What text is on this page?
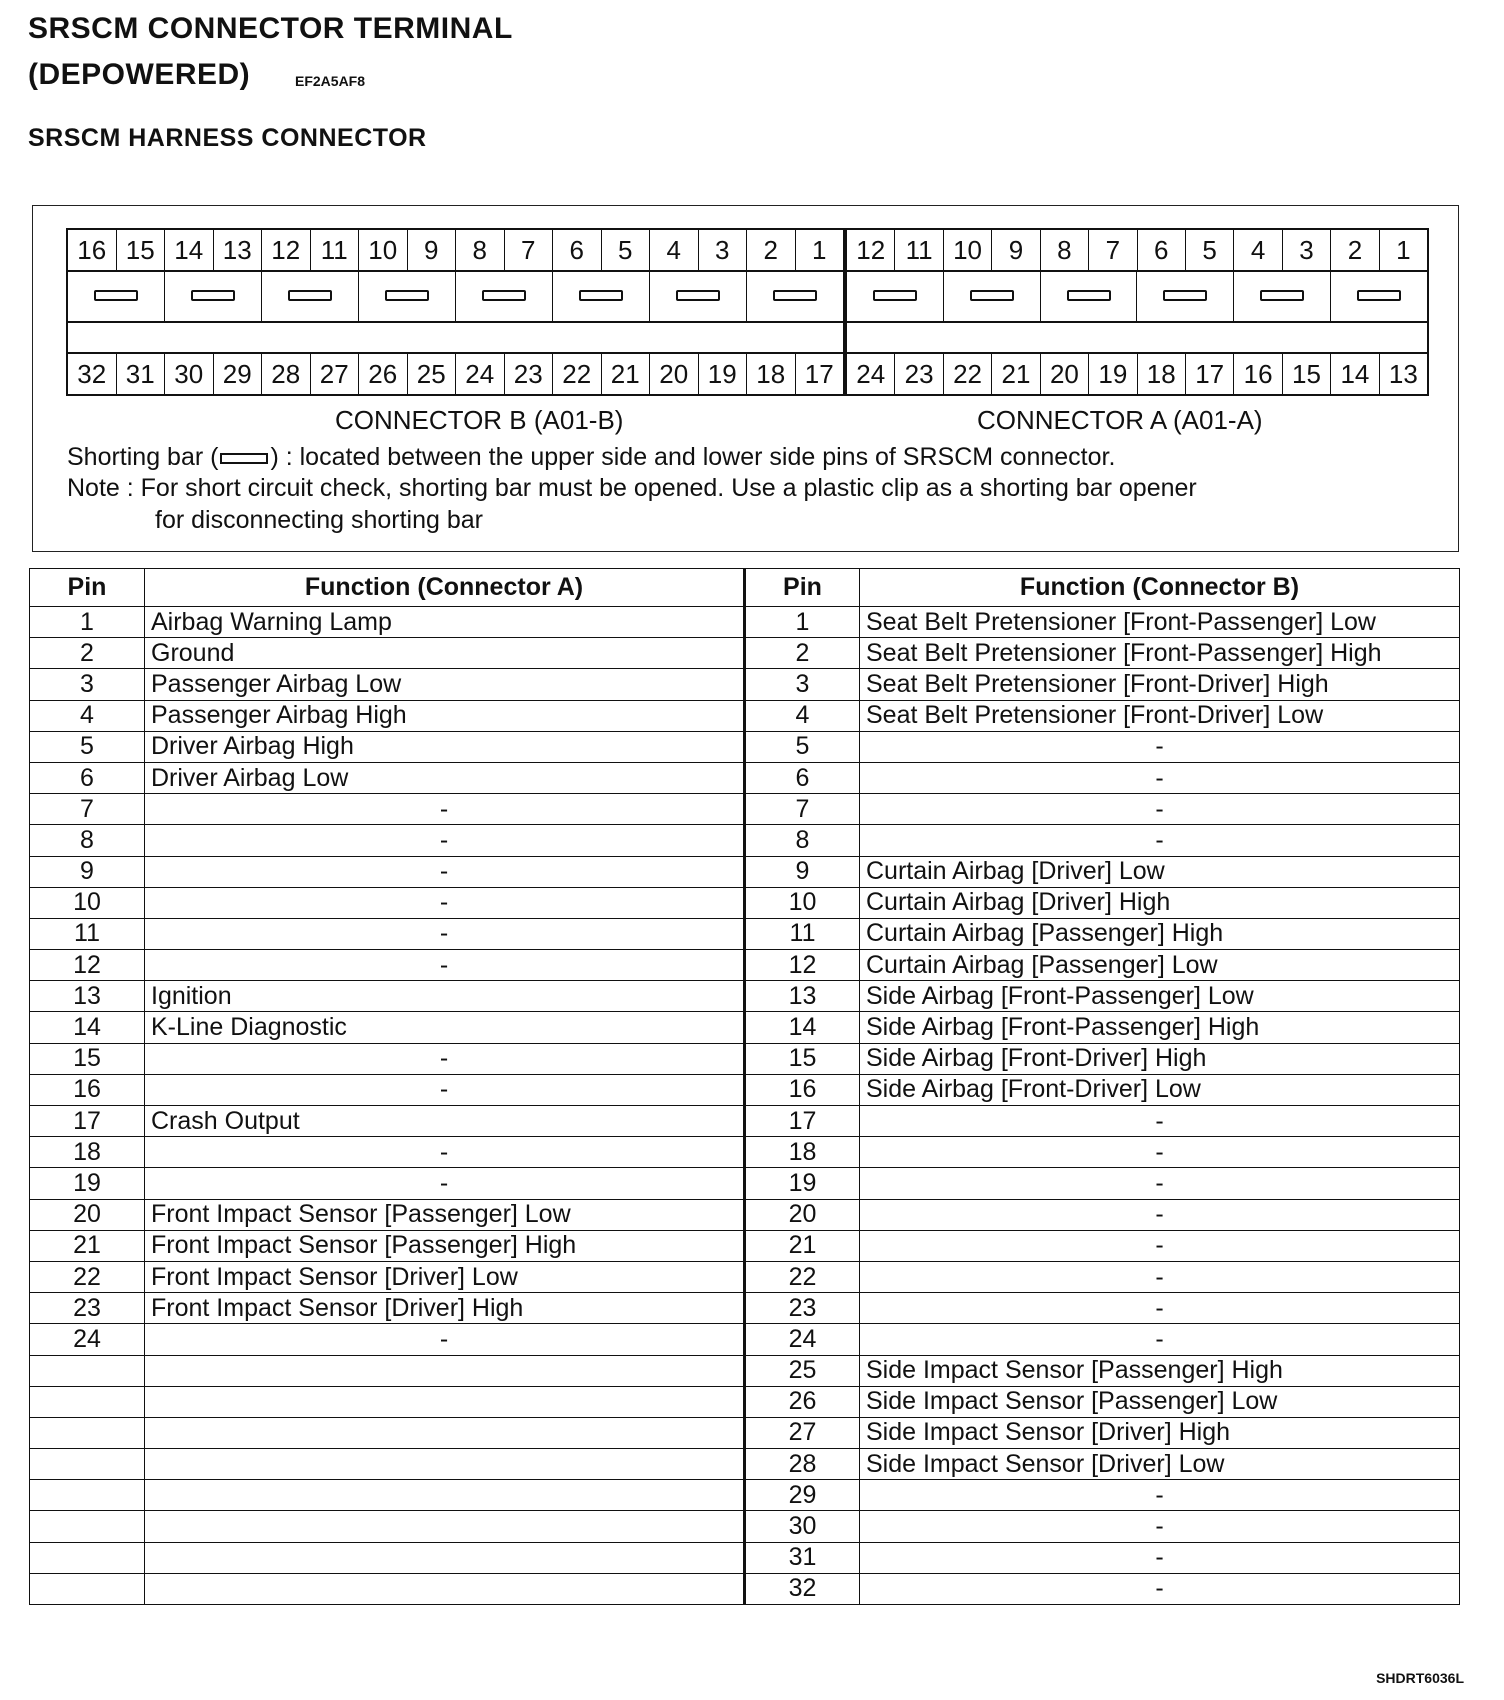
SRSCM CONNECTOR TERMINAL
(DEPOWERED)	EF2A5AF8
SRSCM HARNESS CONNECTOR
16 15 14 13 12 11 10	9	8	7	6	5	4	3	2	1
32 31 30 29 28 27 26 25 24 23 22 21 20 19 18 17
12 11 10	9	8	7	6	5	4	3	2	1
24 23 22 21 20 19 18 17 16 15 14 13
CONNECTOR B (A01-B)	CONNECTOR A (A01-A)
Shorting bar ( ) : located between the upper side and lower side pins of SRSCM connector.
Note : For short circuit check, shorting bar must be opened. Use a plastic clip as a shorting bar opener
for disconnecting shorting bar
Pin	Function (Connector A)	Pin	Function (Connector B)
1	Airbag Warning Lamp	1	Seat Belt Pretensioner [Front-Passenger] Low
2	Ground	2	Seat Belt Pretensioner [Front-Passenger] High
3	Passenger Airbag Low	3	Seat Belt Pretensioner [Front-Driver] High
4	Passenger Airbag High	4	Seat Belt Pretensioner [Front-Driver] Low
5	Driver Airbag High	5	-
6	Driver Airbag Low	6	-
7	-	7	-
8	-	8	-
9	-	9	Curtain Airbag [Driver] Low
10	-	10	Curtain Airbag [Driver] High
11	-	11	Curtain Airbag [Passenger] High
12	-	12	Curtain Airbag [Passenger] Low
13	Ignition	13	Side Airbag [Front-Passenger] Low
14	K-Line Diagnostic	14	Side Airbag [Front-Passenger] High
15	-	15	Side Airbag [Front-Driver] High
16	-	16	Side Airbag [Front-Driver] Low
17	Crash Output	17	-
18	-	18	-
19	-	19	-
20	Front Impact Sensor [Passenger] Low	20	-
21	Front Impact Sensor [Passenger] High	21	-
22	Front Impact Sensor [Driver] Low	22	-
23	Front Impact Sensor [Driver] High	23	-
24	-	24	-
		25	Side Impact Sensor [Passenger] High
		26	Side Impact Sensor [Passenger] Low
		27	Side Impact Sensor [Driver] High
		28	Side Impact Sensor [Driver] Low
		29	-
		30	-
		31	-
		32	-
SHDRT6036L
